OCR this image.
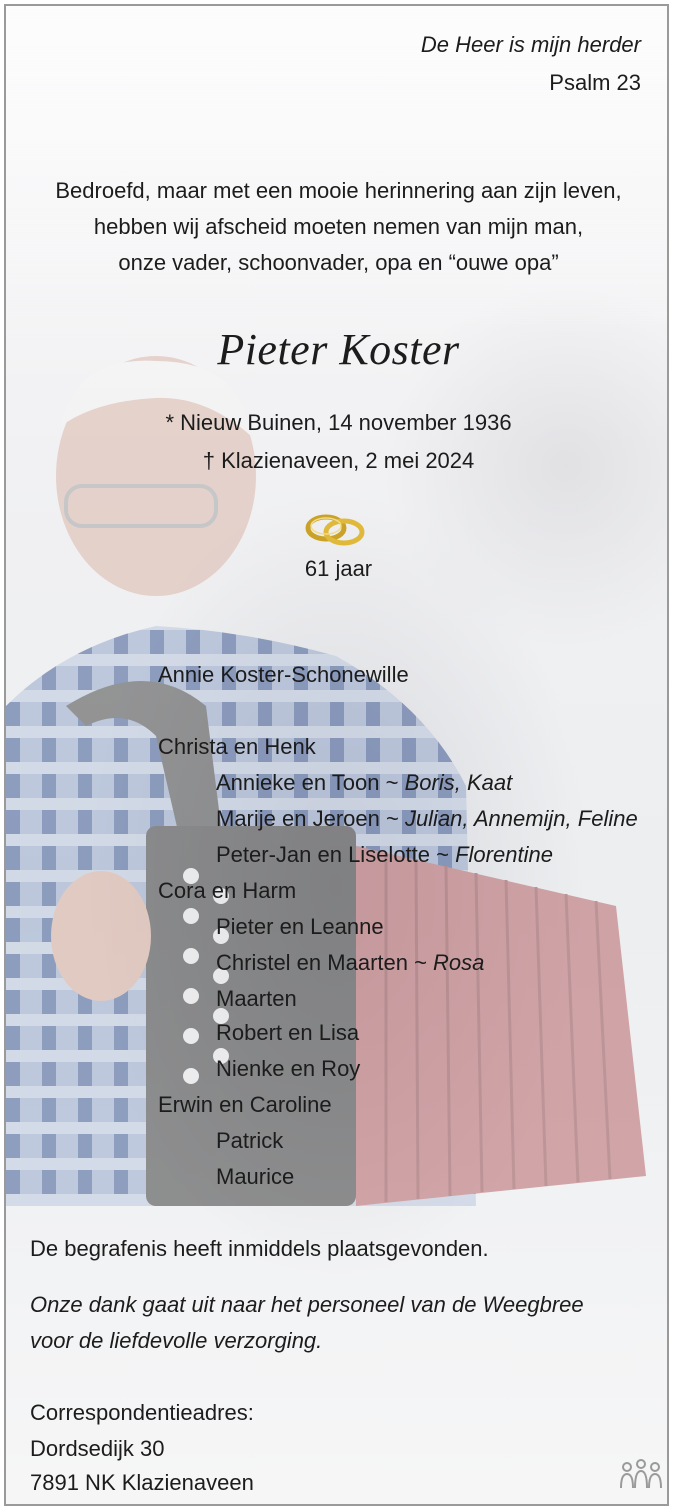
De Heer is mijn herder
Psalm 23
Bedroefd, maar met een mooie herinnering aan zijn leven,
hebben wij afscheid moeten nemen van mijn man,
onze vader, schoonvader, opa en “ouwe opa”
Pieter Koster
* Nieuw Buinen, 14 november 1936
† Klazienaveen, 2 mei 2024
61 jaar
Annie Koster-Schonewille
Christa en Henk
Annieke en Toon ~ Boris, Kaat
Marije en Jeroen ~ Julian, Annemijn, Feline
Peter-Jan en Liselotte ~ Florentine
Cora en Harm
Pieter en Leanne
Christel en Maarten ~ Rosa
Maarten
Robert en Lisa
Nienke en Roy
Erwin en Caroline
Patrick
Maurice
De begrafenis heeft inmiddels plaatsgevonden.
Onze dank gaat uit naar het personeel van de Weegbree
voor de liefdevolle verzorging.
Correspondentieadres:
Dordsedijk 30
7891 NK Klazienaveen
